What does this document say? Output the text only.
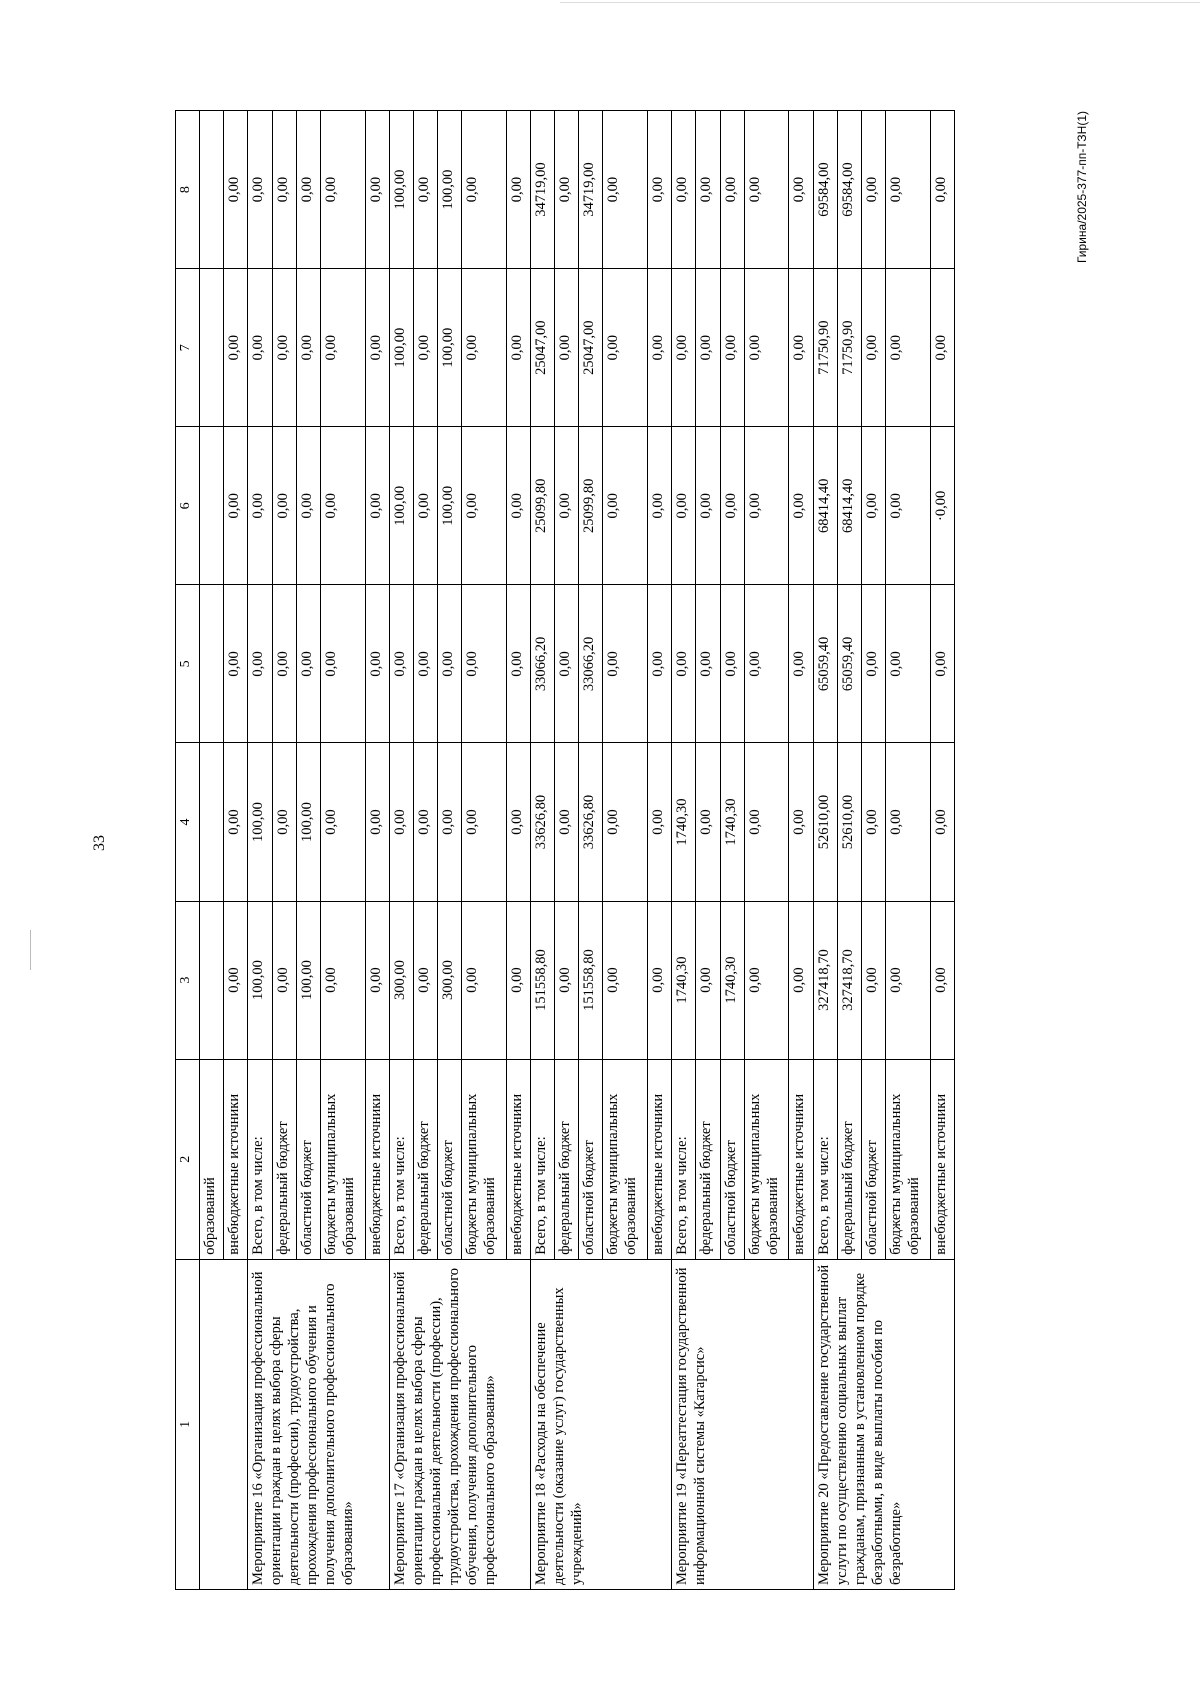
33
Гирина/2025-377-пп-ТЗН(1)
1	2	3	4	5	6	7	8
	образований						
	внебюджетные источники	0,00	0,00	0,00	0,00	0,00	0,00
Мероприятие 16 «Организация профессиональной ориентации граждан в целях выбора сферы деятельности (профессии), трудоустройства, прохождения профессионального обучения и получения дополнительного профессионального образования»	Всего, в том числе:	100,00	100,00	0,00	0,00	0,00	0,00
	федеральный бюджет	0,00	0,00	0,00	0,00	0,00	0,00
	областной бюджет	100,00	100,00	0,00	0,00	0,00	0,00
	бюджеты муниципальных образований	0,00	0,00	0,00	0,00	0,00	0,00
	внебюджетные источники	0,00	0,00	0,00	0,00	0,00	0,00
Мероприятие 17 «Организация профессиональной ориентации граждан в целях выбора сферы профессиональной деятельности (профессии), трудоустройства, прохождения профессионального обучения, получения дополнительного профессионального образования»	Всего, в том числе:	300,00	0,00	0,00	100,00	100,00	100,00
	федеральный бюджет	0,00	0,00	0,00	0,00	0,00	0,00
	областной бюджет	300,00	0,00	0,00	100,00	100,00	100,00
	бюджеты муниципальных образований	0,00	0,00	0,00	0,00	0,00	0,00
	внебюджетные источники	0,00	0,00	0,00	0,00	0,00	0,00
Мероприятие 18 «Расходы на обеспечение деятельности (оказание услуг) государственных учреждений»	Всего, в том числе:	151558,80	33626,80	33066,20	25099,80	25047,00	34719,00
	федеральный бюджет	0,00	0,00	0,00	0,00	0,00	0,00
	областной бюджет	151558,80	33626,80	33066,20	25099,80	25047,00	34719,00
	бюджеты муниципальных образований	0,00	0,00	0,00	0,00	0,00	0,00
	внебюджетные источники	0,00	0,00	0,00	0,00	0,00	0,00
Мероприятие 19 «Переаттестация государственной информационной системы «Катарсис»	Всего, в том числе:	1740,30	1740,30	0,00	0,00	0,00	0,00
	федеральный бюджет	0,00	0,00	0,00	0,00	0,00	0,00
	областной бюджет	1740,30	1740,30	0,00	0,00	0,00	0,00
	бюджеты муниципальных образований	0,00	0,00	0,00	0,00	0,00	0,00
	внебюджетные источники	0,00	0,00	0,00	0,00	0,00	0,00
Мероприятие 20 «Предоставление государственной услуги по осуществлению социальных выплат гражданам, признанным в установленном порядке безработными, в виде выплаты пособия по безработице»	Всего, в том числе:	327418,70	52610,00	65059,40	68414,40	71750,90	69584,00
	федеральный бюджет	327418,70	52610,00	65059,40	68414,40	71750,90	69584,00
	областной бюджет	0,00	0,00	0,00	0,00	0,00	0,00
	бюджеты муниципальных образований	0,00	0,00	0,00	0,00	0,00	0,00
	внебюджетные источники	0,00	0,00	0,00	·0,00	0,00	0,00
